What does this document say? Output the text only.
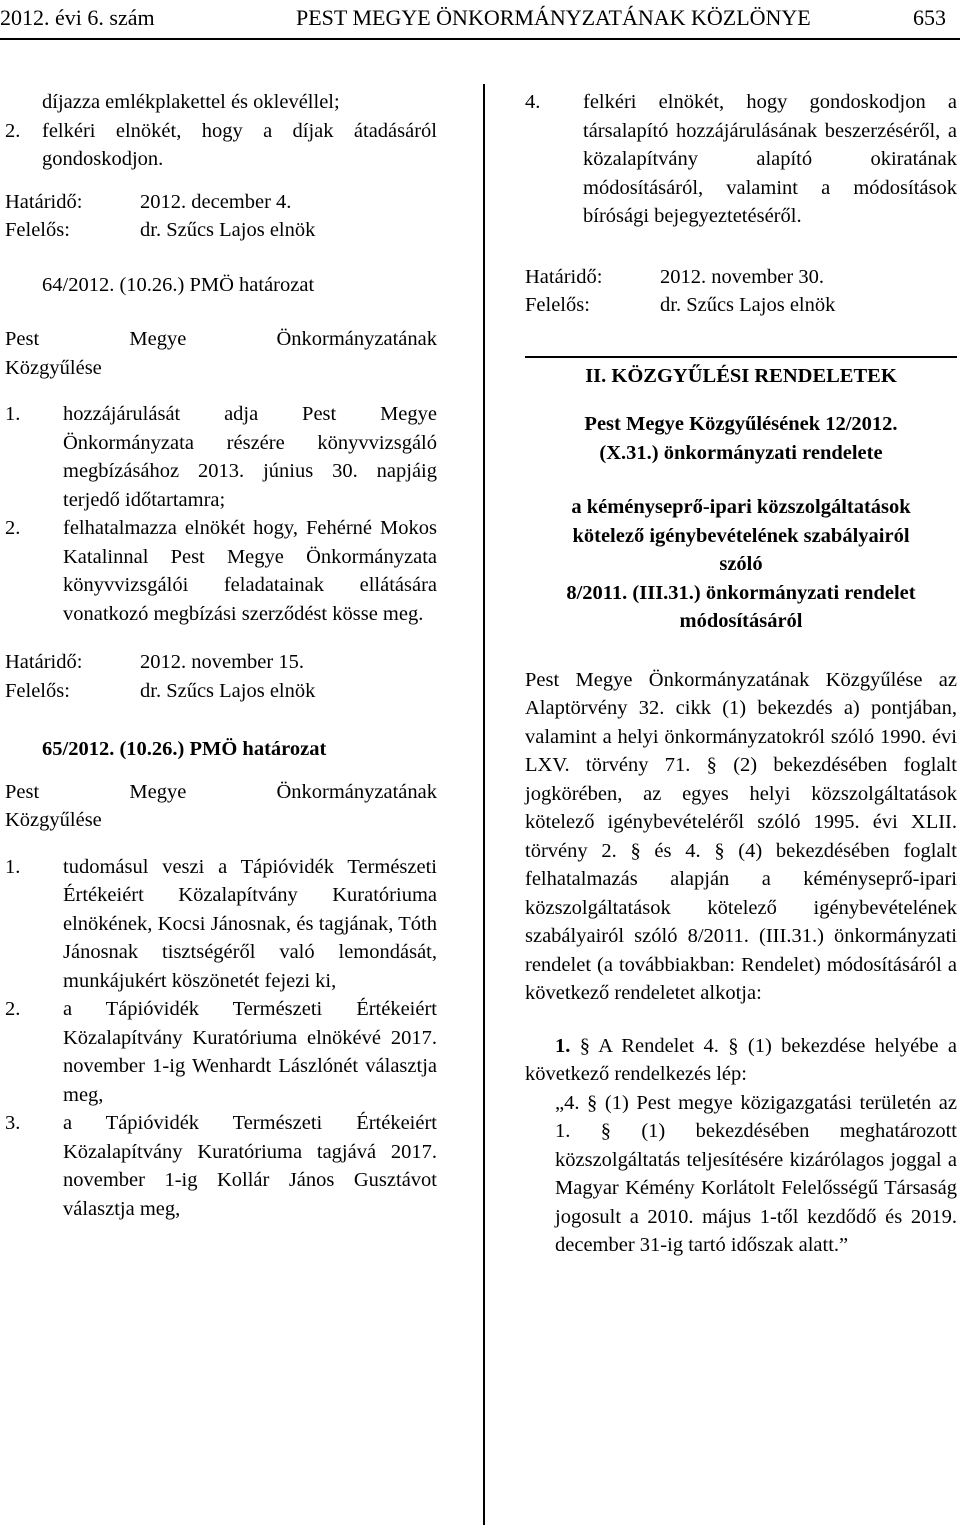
2012. évi 6. szám	PEST MEGYE ÖNKORMÁNYZATÁNAK KÖZLÖNYE	653

díjazza emlékplakettel és oklevéllel;

2. felkéri elnökét, hogy a díjak átadásáról gondoskodjon.
Határidő:	2012. december 4.
Felelős:	dr. Szűcs Lajos elnök

64/2012. (10.26.) PMÖ határozat

Pest Megye Önkormányzatának

Közgyűlése

1. hozzájárulását adja Pest Megye Önkormányzata részére könyvvizsgáló megbízásához 2013. június 30. napjáig terjedő időtartamra;
2. felhatalmazza elnökét hogy, Fehérné Mokos Katalinnal Pest Megye Önkormányzata könyvvizsgálói feladatainak ellátására vonatkozó megbízási szerződést kösse meg.
Határidő:	2012. november 15.
Felelős:	dr. Szűcs Lajos elnök

65/2012. (10.26.) PMÖ határozat

Pest Megye Önkormányzatának

Közgyűlése

1. tudomásul veszi a Tápióvidék Természeti Értékeiért Közalapítvány Kuratóriuma elnökének, Kocsi Jánosnak, és tagjának, Tóth Jánosnak tisztségéről való lemondását, munkájukért köszönetét fejezi ki,
2. a Tápióvidék Természeti Értékeiért Közalapítvány Kuratóriuma elnökévé 2017. november 1-ig Wenhardt Lászlónét választja meg,
3. a Tápióvidék Természeti Értékeiért Közalapítvány Kuratóriuma tagjává 2017. november 1-ig Kollár János Gusztávot választja meg,
4. felkéri elnökét, hogy gondoskodjon a társalapító hozzájárulásának beszerzéséről, a közalapítvány alapító okiratának módosításáról, valamint a módosítások bírósági bejegyeztetéséről.
Határidő:	2012. november 30.
Felelős:	dr. Szűcs Lajos elnök

II. KÖZGYŰLÉSI RENDELETEK

Pest Megye Közgyűlésének 12/2012.

(X.31.) önkormányzati rendelete

a kéményseprő-ipari közszolgáltatások

kötelező igénybevételének szabályairól

szóló

8/2011. (III.31.) önkormányzati rendelet

módosításáról

Pest Megye Önkormányzatának Közgyűlése az Alaptörvény 32. cikk (1) bekezdés a) pontjában, valamint a helyi önkormányzatokról szóló 1990. évi LXV. törvény 71. § (2) bekezdésében foglalt jogkörében, az egyes helyi közszolgáltatások kötelező igénybevételéről szóló 1995. évi XLII. törvény 2. § és 4. § (4) bekezdésében foglalt felhatalmazás alapján a kéményseprő-ipari közszolgáltatások kötelező igénybevételének szabályairól szóló 8/2011. (III.31.) önkormányzati rendelet (a továbbiakban: Rendelet) módosításáról a következő rendeletet alkotja:

1. § A Rendelet 4. § (1) bekezdése helyébe a következő rendelkezés lép:

„4. § (1) Pest megye közigazgatási területén az 1. § (1) bekezdésében meghatározott közszolgáltatás teljesítésére kizárólagos joggal a Magyar Kémény Korlátolt Felelősségű Társaság jogosult a 2010. május 1-től kezdődő és 2019. december 31-ig tartó időszak alatt.”
